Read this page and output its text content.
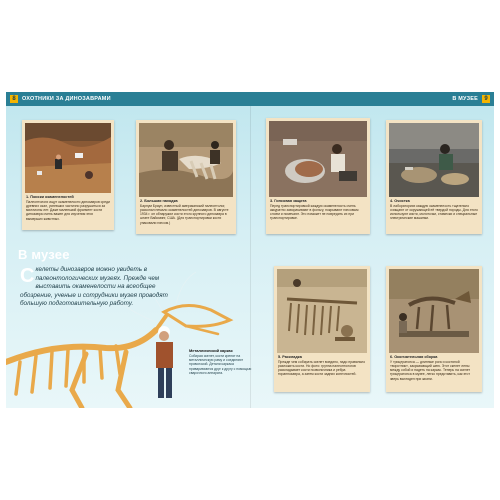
8	ОХОТНИКИ ЗА ДИНОЗАВРАМИ	В МУЗЕЕ	9
1. Поиски окаменелостей
Палеонтологи ищут окаменелости динозавров среди древних скал, успевших частично разрушиться за миллионы лет. Даже маленький фрагмент кости динозавра очень важен для изучения этих вымерших животных.
2. Большая находка
Барнум Браун, известный американский палеонтолог, раскопал немало окаменелостей динозавров. В августе 1934 г. он обнаружил кости этого крупного динозавра в штате Вайоминг, США. (Для транспортировки кости упаковали гипсом.)
3. Гипсовая защита
Перед транспортировкой каждую окаменелость очень аккуратно заворачивают в фольгу, покрывают гипсовым слоем и помечают. Это поможет не повредить их при транспортировке.
4. Очистка
В лабораториях каждую окаменелость тщательно очищают от окружающей её твердой породы. Для этого используют кисти, молоточки, стамески и специальные электрические машинки.
5. Раскладка
Прежде чем собирать скелет воедино, надо правильно разложить кости. Но фото: группа палеонтологов раскладывает кости позвоночника и ребра тираннозавра, а затем кости задних конечностей.
6. Окончательная сборка
У трицератопса — длинные рога и костяной «воротник», закрывающий шею. Этот скелет лены между собой и надеть на каркас. Теперь на скелет трицератопса в музее, легко представить, как этот зверь выглядел при жизни.
В музее
С келеты динозавров можно увидеть в палеонтологических музеях. Прежде чем выставить окаменелости на всеобщее обозрение, ученые и сотрудники музея проводят большую подготовительную работу.
Металлический каркас
Собирая скелет, кости крепят на металлическую раму и соединяют проволокой. Детали каркаса привариваются друг к другу с помощью сварочного аппарата.
